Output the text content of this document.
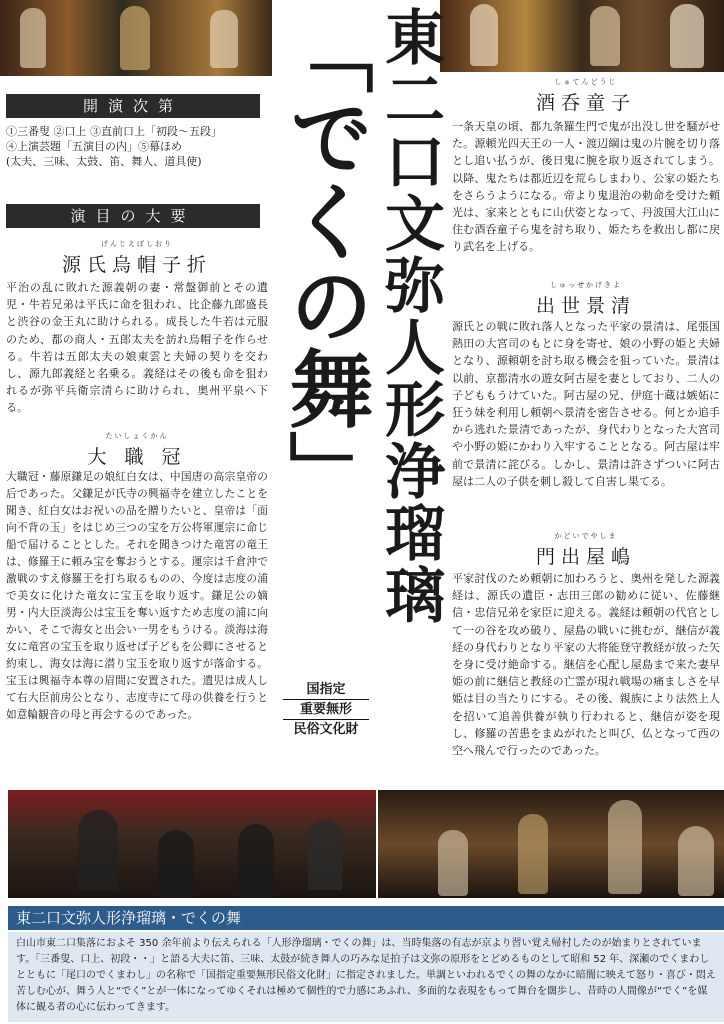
東二口文弥人形浄瑠璃
「でくの舞」
国指定
重要無形
民俗文化財
開演次第
①三番叟 ②口上 ③直前口上「初段〜五段」
④上演芸題「五演目の内」⑤幕ほめ
(太夫、三味、太鼓、笛、舞人、道具使)
演目の大要
げんじえぼしおり
源氏烏帽子折
平治の乱に敗れた源義朝の妻・常盤御前とその遺児・牛若兄弟は平氏に命を狙われ、比企藤九郎盛長と渋谷の金王丸に助けられる。成長した牛若は元服のため、都の商人・五郎太夫を訪れ烏帽子を作らせる。牛若は五郎太夫の娘東雲と夫婦の契りを交わし、源九郎義経と名乗る。義経はその後も命を狙われるが弥平兵衛宗清らに助けられ、奥州平泉へ下る。
たいしょくかん
大 職 冠
大職冠・藤原鎌足の娘紅白女は、中国唐の高宗皇帝の后であった。父鎌足が氏寺の興福寺を建立したことを聞き、紅白女はお祝いの品を贈りたいと、皇帝は「面向不背の玉」をはじめ三つの宝を万公将軍運宗に命じ船で届けることとした。それを聞きつけた竜宮の竜王は、修羅王に頼み宝を奪おうとする。運宗は千倉沖で激戦のすえ修羅王を打ち取るものの、今度は志度の浦で美女に化けた竜女に宝玉を取り返す。鎌足公の嫡男・内大臣淡海公は宝玉を奪い返すため志度の浦に向かい、そこで海女と出会い一男をもうける。淡海は海女に竜宮の宝玉を取り返せば子どもを公卿にさせると約束し、海女は海に潜り宝玉を取り返すが落命する。宝玉は興福寺本尊の眉間に安置された。遺児は成人して右大臣前房公となり、志度寺にて母の供養を行うと如意輪観音の母と再会するのであった。
しゅてんどうじ
酒呑童子
一条天皇の頃、都九条羅生門で鬼が出没し世を騒がせた。源頼光四天王の一人・渡辺綱は鬼の片腕を切り落とし追い払うが、後日鬼に腕を取り返されてしまう。以降、鬼たちは都近辺を荒らしまわり、公家の姫たちをさらうようになる。帝より鬼退治の勅命を受けた頼光は、家来とともに山伏姿となって、丹波国大江山に住む酒呑童子ら鬼を討ち取り、姫たちを救出し都に戻り武名を上げる。
しゅっせかげきよ
出世景清
源氏との戦に敗れ落人となった平家の景清は、尾張国熱田の大宮司のもとに身を寄せ、娘の小野の姫と夫婦となり、源頼朝を討ち取る機会を狙っていた。景清は以前、京都清水の遊女阿古屋を妻としており、二人の子どももうけていた。阿古屋の兄、伊庭十蔵は嫉妬に狂う妹を利用し頼朝へ景清を密告させる。何とか追手から逃れた景清であったが、身代わりとなった大宮司や小野の姫にかわり入牢することとなる。阿古屋は牢前で景清に詫びる。しかし、景清は許さずついに阿古屋は二人の子供を刺し殺して自害し果てる。
かどいでやしま
門出屋嶋
平家討伐のため頼朝に加わろうと、奥州を発した源義経は、源氏の遺臣・志田三郎の勧めに従い、佐藤継信・忠信兄弟を家臣に迎える。義経は頼朝の代官として一の谷を攻め破り、屋島の戦いに挑むが、継信が義経の身代わりとなり平家の大将能登守教経が放った矢を身に受け絶命する。継信を心配し屋島まで来た妻早姫の前に継信と教経の亡霊が現れ戦場の痛ましさを早姫は目の当たりにする。その後、親族により法然上人を招いて追善供養が執り行われると、継信が姿を現し、修羅の苦患をまぬがれたと叫び、仏となって西の空へ飛んで行ったのであった。
東二口文弥人形浄瑠璃・でくの舞
白山市東二口集落におよそ 350 余年前より伝えられる「人形浄瑠璃・でくの舞」は、当時集落の有志が京より習い覚え帰村したのが始まりとされています。「三番叟、口上、初段・・」と語る大夫に笛、三味、太鼓が続き舞人の巧みな足拍子は文弥の原形をとどめるものとして昭和 52 年、深瀬のでくまわしとともに「尾口のでくまわし」の名称で「国指定重要無形民俗文化財」に指定されました。単調といわれるでくの舞のなかに暗闇に映えて怒り・喜び・悶え苦しむ心が、舞う人と“でく”とが一体になってゆくそれは極めて個性的で力感にあふれ、多面的な表現をもって舞台を闊歩し、昔時の人間像が“でく”を媒体に観る者の心に伝わってきます。
